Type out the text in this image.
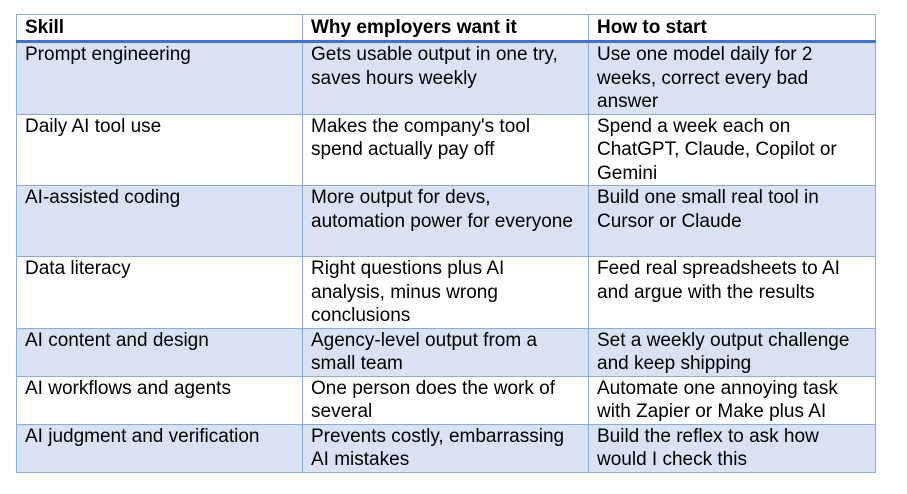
Skill	Why employers want it	How to start
Prompt engineering	Gets usable output in one try, saves hours weekly	Use one model daily for 2 weeks, correct every bad answer
Daily AI tool use	Makes the company's tool spend actually pay off	Spend a week each on ChatGPT, Claude, Copilot or Gemini
AI-assisted coding	More output for devs, automation power for everyone	Build one small real tool in Cursor or Claude
Data literacy	Right questions plus AI analysis, minus wrong conclusions	Feed real spreadsheets to AI and argue with the results
AI content and design	Agency-level output from a small team	Set a weekly output challenge and keep shipping
AI workflows and agents	One person does the work of several	Automate one annoying task with Zapier or Make plus AI
AI judgment and verification	Prevents costly, embarrassing AI mistakes	Build the reflex to ask how would I check this
